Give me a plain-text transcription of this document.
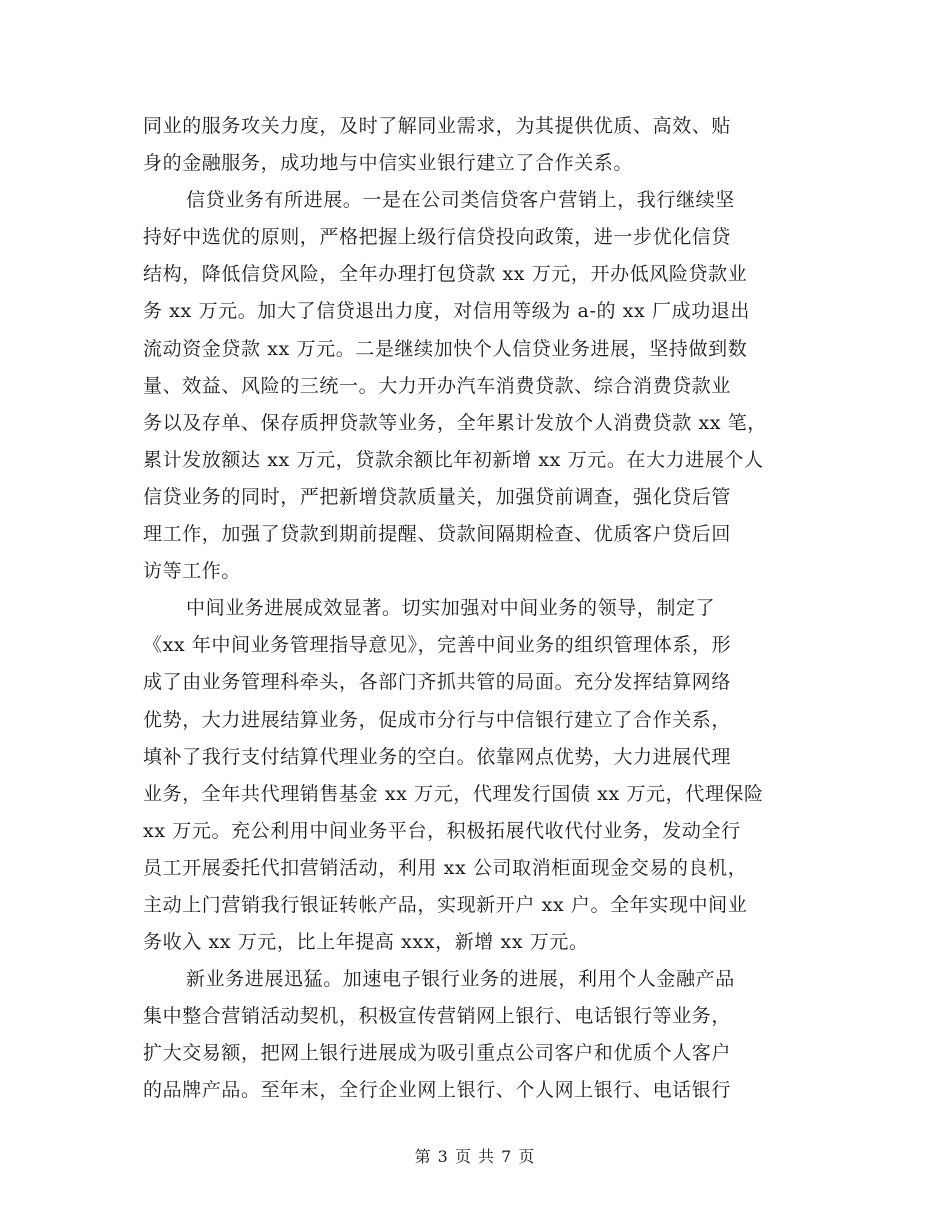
同业的服务攻关力度，及时了解同业需求，为其提供优质、高效、贴
身的金融服务，成功地与中信实业银行建立了合作关系。
信贷业务有所进展。一是在公司类信贷客户营销上，我行继续坚
持好中选优的原则，严格把握上级行信贷投向政策，进一步优化信贷
结构，降低信贷风险，全年办理打包贷款 xx 万元，开办低风险贷款业
务 xx 万元。加大了信贷退出力度，对信用等级为 a-的 xx 厂成功退出
流动资金贷款 xx 万元。二是继续加快个人信贷业务进展，坚持做到数
量、效益、风险的三统一。大力开办汽车消费贷款、综合消费贷款业
务以及存单、保存质押贷款等业务，全年累计发放个人消费贷款 xx 笔，
累计发放额达 xx 万元，贷款余额比年初新增 xx 万元。在大力进展个人
信贷业务的同时，严把新增贷款质量关，加强贷前调查，强化贷后管
理工作，加强了贷款到期前提醒、贷款间隔期检查、优质客户贷后回
访等工作。
中间业务进展成效显著。切实加强对中间业务的领导，制定了
《xx 年中间业务管理指导意见》，完善中间业务的组织管理体系，形
成了由业务管理科牵头，各部门齐抓共管的局面。充分发挥结算网络
优势，大力进展结算业务，促成市分行与中信银行建立了合作关系，
填补了我行支付结算代理业务的空白。依靠网点优势，大力进展代理
业务，全年共代理销售基金 xx 万元，代理发行国债 xx 万元，代理保险
xx 万元。充公利用中间业务平台，积极拓展代收代付业务，发动全行
员工开展委托代扣营销活动，利用 xx 公司取消柜面现金交易的良机，
主动上门营销我行银证转帐产品，实现新开户 xx 户。全年实现中间业
务收入 xx 万元，比上年提高 xxx，新增 xx 万元。
新业务进展迅猛。加速电子银行业务的进展，利用个人金融产品
集中整合营销活动契机，积极宣传营销网上银行、电话银行等业务，
扩大交易额，把网上银行进展成为吸引重点公司客户和优质个人客户
的品牌产品。至年末，全行企业网上银行、个人网上银行、电话银行
第 3 页 共 7 页
